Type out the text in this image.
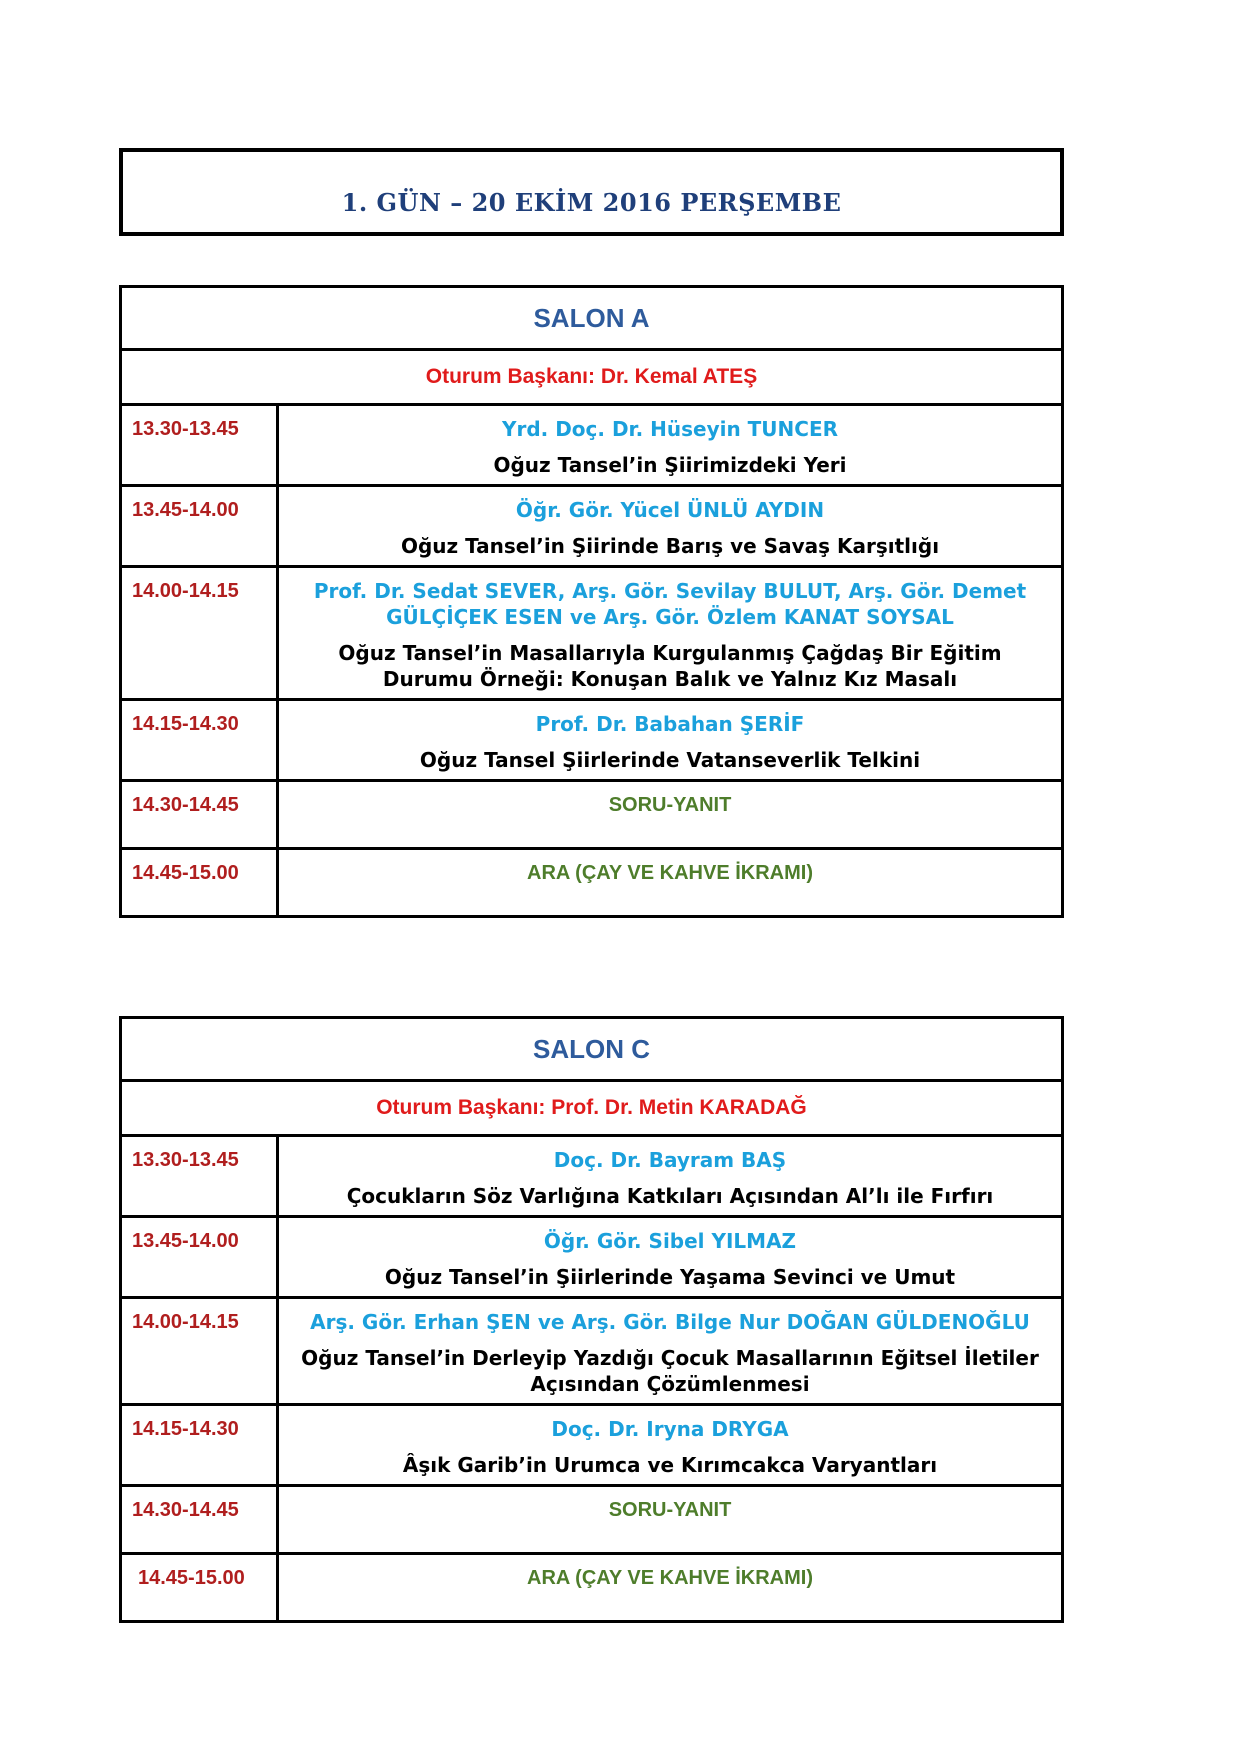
1. GÜN – 20 EKİM 2016 PERŞEMBE
SALON A	
Oturum Başkanı: Dr. Kemal ATEŞ	
13.30-13.45	Yrd. Doç. Dr. Hüseyin TUNCER
Oğuz Tansel’in Şiirimizdeki Yeri

13.45-14.00	Öğr. Gör. Yücel ÜNLÜ AYDIN
Oğuz Tansel’in Şiirinde Barış ve Savaş Karşıtlığı

14.00-14.15	Prof. Dr. Sedat SEVER, Arş. Gör. Sevilay BULUT, Arş. Gör. Demet GÜLÇİÇEK ESEN ve Arş. Gör. Özlem KANAT SOYSAL
Oğuz Tansel’in Masallarıyla Kurgulanmış Çağdaş Bir Eğitim Durumu Örneği: Konuşan Balık ve Yalnız Kız Masalı

14.15-14.30	Prof. Dr. Babahan ŞERİF
Oğuz Tansel Şiirlerinde Vatanseverlik Telkini

14.30-14.45	SORU-YANIT

14.45-15.00	ARA (ÇAY VE KAHVE İKRAMI)
SALON C	
Oturum Başkanı: Prof. Dr. Metin KARADAĞ	
13.30-13.45	Doç. Dr. Bayram BAŞ
Çocukların Söz Varlığına Katkıları Açısından Al’lı ile Fırfırı

13.45-14.00	Öğr. Gör. Sibel YILMAZ
Oğuz Tansel’in Şiirlerinde Yaşama Sevinci ve Umut

14.00-14.15	Arş. Gör. Erhan ŞEN ve Arş. Gör. Bilge Nur DOĞAN GÜLDENOĞLU
Oğuz Tansel’in Derleyip Yazdığı Çocuk Masallarının Eğitsel İletiler Açısından Çözümlenmesi

14.15-14.30	Doç. Dr. Iryna DRYGA
Âşık Garib’in Urumca ve Kırımcakca Varyantları

14.30-14.45	SORU-YANIT

14.45-15.00	ARA (ÇAY VE KAHVE İKRAMI)
